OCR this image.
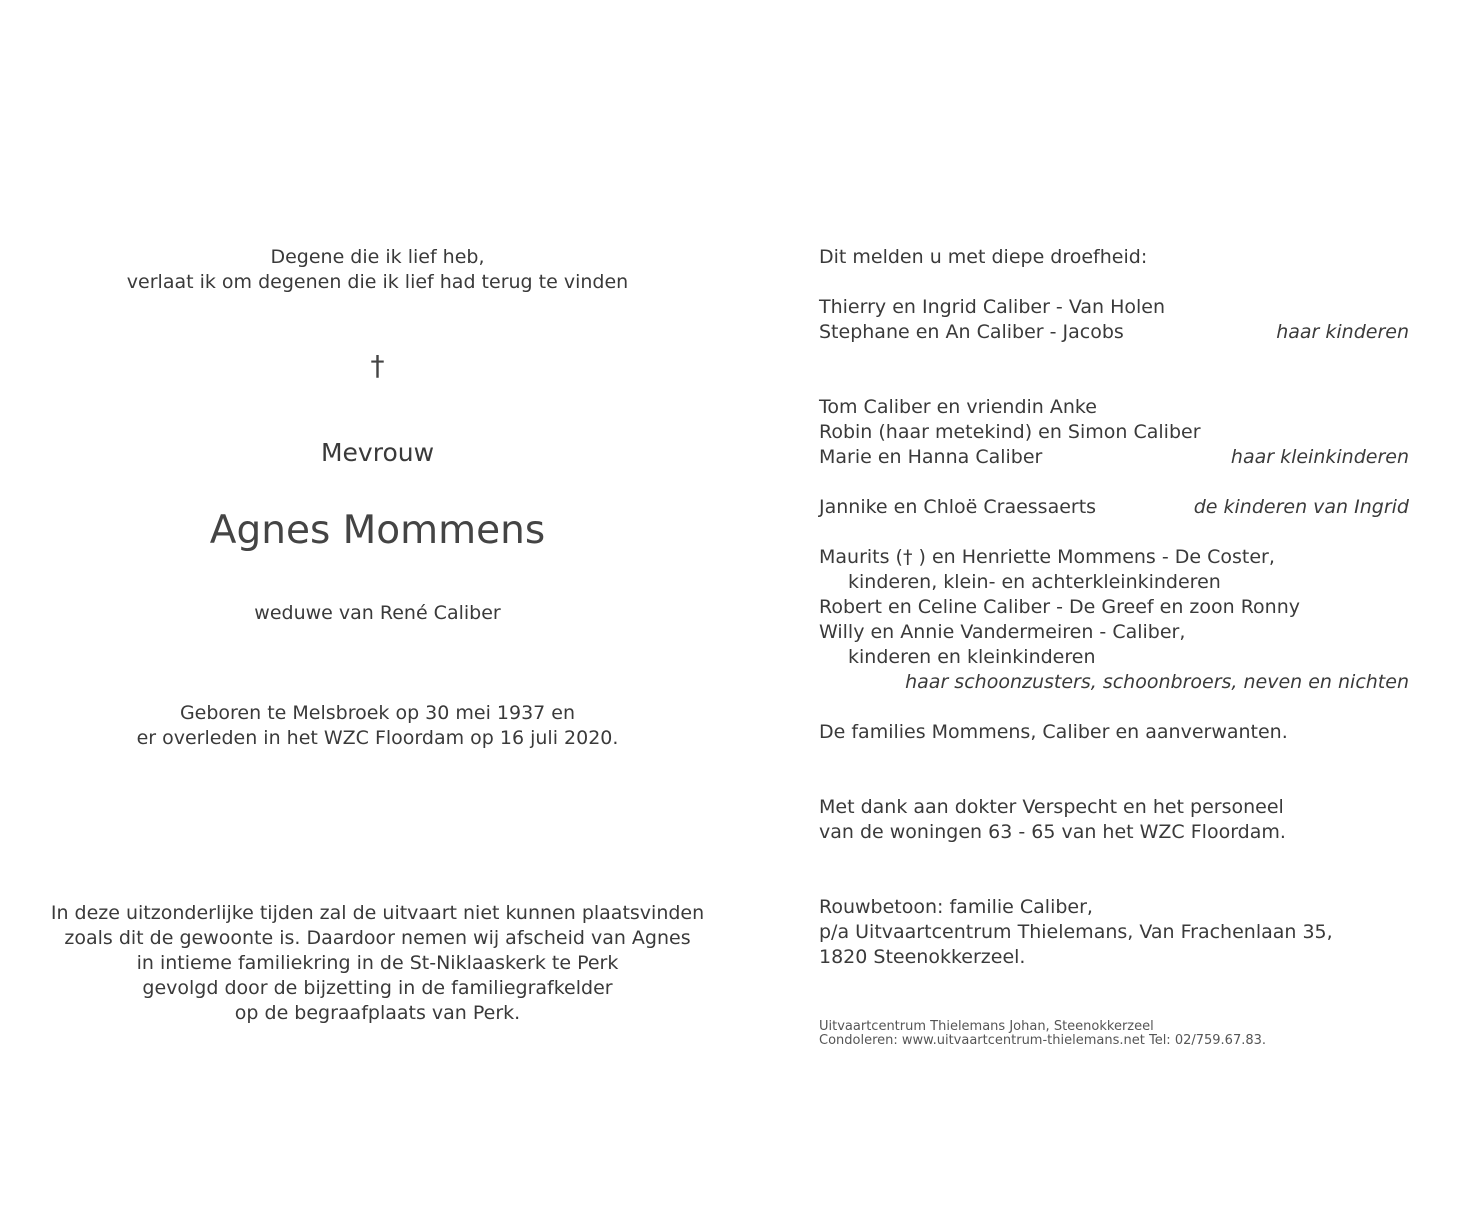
Degene die ik lief heb,
verlaat ik om degenen die ik lief had terug te vinden
†
Mevrouw
Agnes Mommens
weduwe van René Caliber
Geboren te Melsbroek op 30 mei 1937 en
er overleden in het WZC Floordam op 16 juli 2020.
In deze uitzonderlijke tijden zal de uitvaart niet kunnen plaatsvinden
zoals dit de gewoonte is. Daardoor nemen wij afscheid van Agnes
in intieme familiekring in de St-Niklaaskerk te Perk
gevolgd door de bijzetting in de familiegrafkelder
op de begraafplaats van Perk.
Dit melden u met diepe droefheid:
Thierry en Ingrid Caliber - Van Holen
Stephane en An Caliber - Jacobs	haar kinderen
Tom Caliber en vriendin Anke
Robin (haar metekind) en Simon Caliber
Marie en Hanna Caliber	haar kleinkinderen
Jannike en Chloë Craessaerts	de kinderen van Ingrid
Maurits († ) en Henriette Mommens - De Coster,
kinderen, klein- en achterkleinkinderen
Robert en Celine Caliber - De Greef en zoon Ronny
Willy en Annie Vandermeiren - Caliber,
kinderen en kleinkinderen
haar schoonzusters, schoonbroers, neven en nichten
De families Mommens, Caliber en aanverwanten.
Met dank aan dokter Verspecht en het personeel
van de woningen 63 - 65 van het WZC Floordam.
Rouwbetoon: familie Caliber,
p/a Uitvaartcentrum Thielemans, Van Frachenlaan 35,
1820 Steenokkerzeel.
Uitvaartcentrum Thielemans Johan, Steenokkerzeel
Condoleren: www.uitvaartcentrum-thielemans.net Tel: 02/759.67.83.
